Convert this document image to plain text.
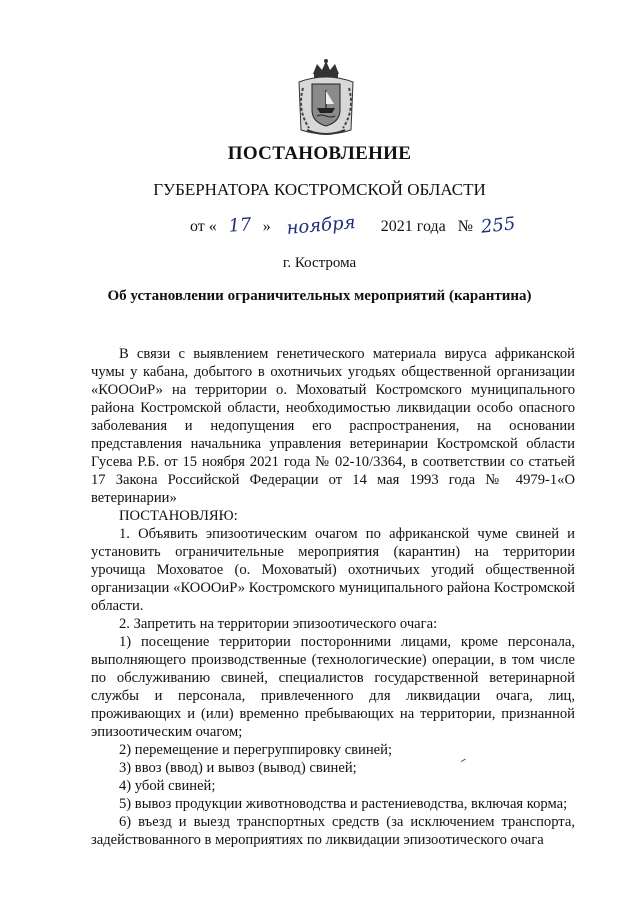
ПОСТАНОВЛЕНИЕ
ГУБЕРНАТОРА КОСТРОМСКОЙ ОБЛАСТИ
от « 17 » ноября 2021 года № 255
г. Кострома
Об установлении ограничительных мероприятий (карантина)

В связи с выявлением генетического материала вируса африканской чумы у кабана, добытого в охотничьих угодьях общественной организации «КОООиР» на территории о. Моховатый Костромского муниципального района Костромской области, необходимостью ликвидации особо опасного заболевания и недопущения его распространения, на основании представления начальника управления ветеринарии Костромской области Гусева Р.Б. от 15 ноября 2021 года № 02-10/3364, в соответствии со статьей 17 Закона Российской Федерации от 14 мая 1993 года № 4979-1«О ветеринарии»

ПОСТАНОВЛЯЮ:

1. Объявить эпизоотическим очагом по африканской чуме свиней и установить ограничительные мероприятия (карантин) на территории урочища Моховатое (о. Моховатый) охотничьих угодий общественной организации «КОООиР» Костромского муниципального района Костромской области.

2. Запретить на территории эпизоотического очага:

1) посещение территории посторонними лицами, кроме персонала, выполняющего производственные (технологические) операции, в том числе по обслуживанию свиней, специалистов государственной ветеринарной службы и персонала, привлеченного для ликвидации очага, лиц, проживающих и (или) временно пребывающих на территории, признанной эпизоотическим очагом;

2) перемещение и перегруппировку свиней;

3) ввоз (ввод) и вывоз (вывод) свиней;

4) убой свиней;

5) вывоз продукции животноводства и растениеводства, включая корма;

6) въезд и выезд транспортных средств (за исключением транспорта, задействованного в мероприятиях по ликвидации эпизоотического очага
